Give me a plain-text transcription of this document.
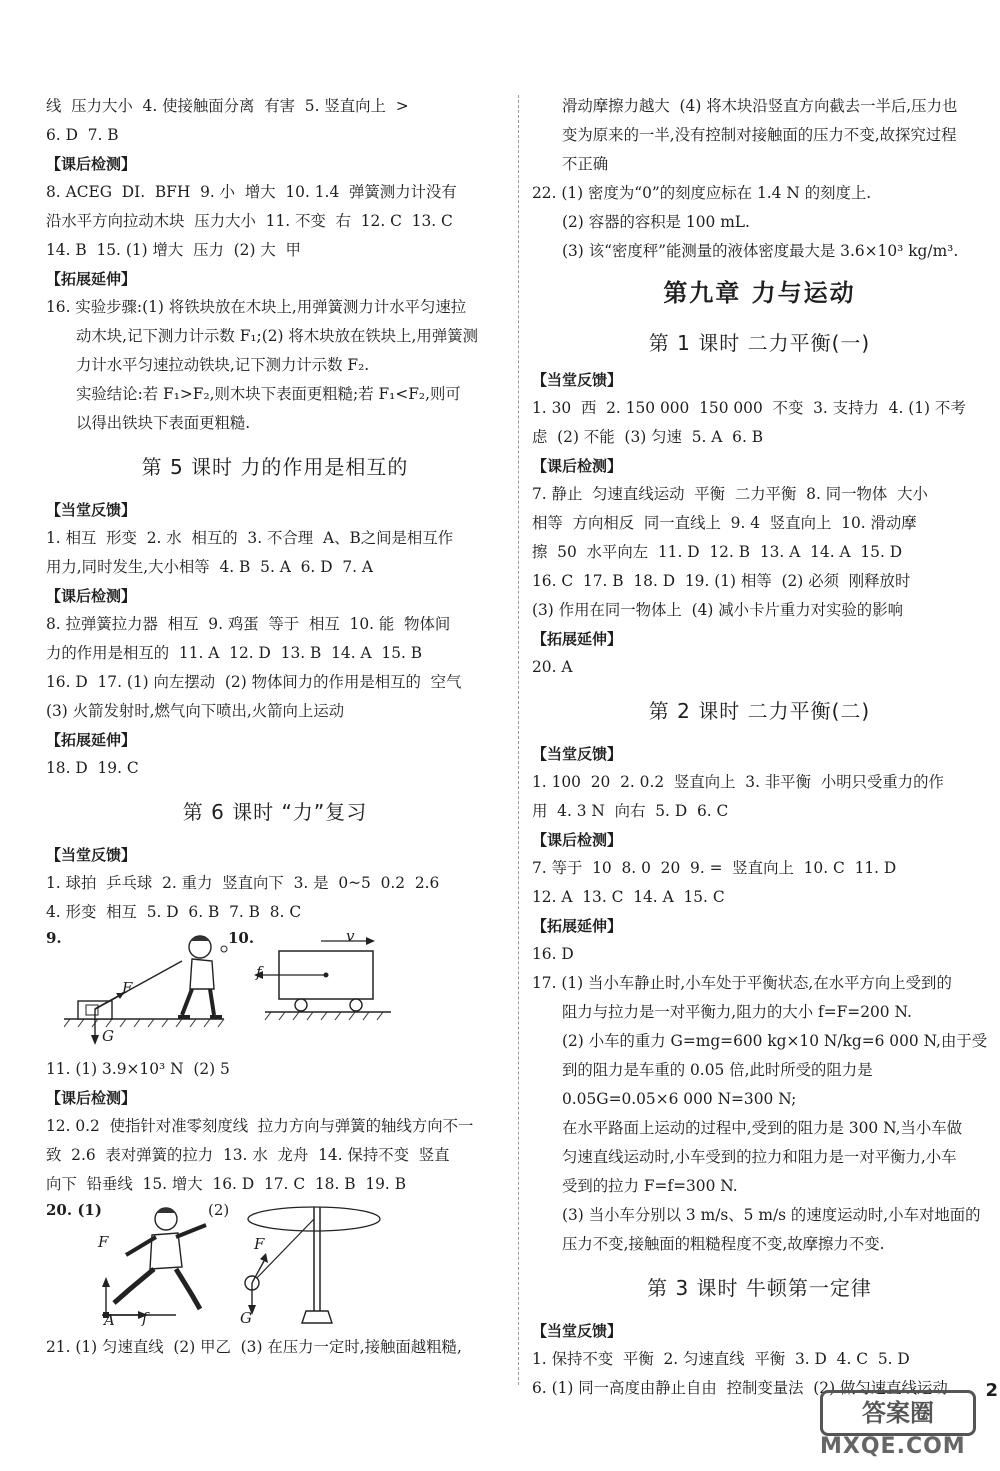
线  压力大小  4. 使接触面分离  有害  5. 竖直向上  >
6. D  7. B
【课后检测】
8. ACEG  DI.  BFH  9. 小  增大  10. 1.4  弹簧测力计没有
沿水平方向拉动木块  压力大小  11. 不变  右  12. C  13. C
14. B  15. (1) 增大  压力  (2) 大  甲
【拓展延伸】
16. 实验步骤:(1) 将铁块放在木块上,用弹簧测力计水平匀速拉
动木块,记下测力计示数 F₁;(2) 将木块放在铁块上,用弹簧测
力计水平匀速拉动铁块,记下测力计示数 F₂.
实验结论:若 F₁>F₂,则木块下表面更粗糙;若 F₁<F₂,则可
以得出铁块下表面更粗糙.
第 5 课时 力的作用是相互的
【当堂反馈】
1. 相互  形变  2. 水  相互的  3. 不合理  A、B之间是相互作
用力,同时发生,大小相等  4. B  5. A  6. D  7. A
【课后检测】
8. 拉弹簧拉力器  相互  9. 鸡蛋  等于  相互  10. 能  物体间
力的作用是相互的  11. A  12. D  13. B  14. A  15. B
16. D  17. (1) 向左摆动  (2) 物体间力的作用是相互的  空气
(3) 火箭发射时,燃气向下喷出,火箭向上运动
【拓展延伸】
18. D  19. C
第 6 课时 “力”复习
【当堂反馈】
1. 球拍  乒乓球  2. 重力  竖直向下  3. 是  0~5  0.2  2.6
4. 形变  相互  5. D  6. B  7. B  8. C
9.
F
G
10.	v
f
11. (1) 3.9×10³ N  (2) 5
【课后检测】
12. 0.2  使指针对准零刻度线  拉力方向与弹簧的轴线方向不一
致  2.6  表对弹簧的拉力  13. 水  龙舟  14. 保持不变  竖直
向下  铅垂线  15. 增大  16. D  17. C  18. B  19. B
20. (1)
F
A f
(2)
F
G
21. (1) 匀速直线  (2) 甲乙  (3) 在压力一定时,接触面越粗糙,
滑动摩擦力越大  (4) 将木块沿竖直方向截去一半后,压力也
变为原来的一半,没有控制对接触面的压力不变,故探究过程
不正确
22. (1) 密度为“0”的刻度应标在 1.4 N 的刻度上.
(2) 容器的容积是 100 mL.
(3) 该“密度秤”能测量的液体密度最大是 3.6×10³ kg/m³.
第九章 力与运动
第 1 课时 二力平衡(一)
【当堂反馈】
1. 30  西  2. 150 000  150 000  不变  3. 支持力  4. (1) 不考
虑  (2) 不能  (3) 匀速  5. A  6. B
【课后检测】
7. 静止  匀速直线运动  平衡  二力平衡  8. 同一物体  大小
相等  方向相反  同一直线上  9. 4  竖直向上  10. 滑动摩
擦  50  水平向左  11. D  12. B  13. A  14. A  15. D
16. C  17. B  18. D  19. (1) 相等  (2) 必须  刚释放时
(3) 作用在同一物体上  (4) 减小卡片重力对实验的影响
【拓展延伸】
20. A
第 2 课时 二力平衡(二)
【当堂反馈】
1. 100  20  2. 0.2  竖直向上  3. 非平衡  小明只受重力的作
用  4. 3 N  向右  5. D  6. C
【课后检测】
7. 等于  10  8. 0  20  9. =  竖直向上  10. C  11. D
12. A  13. C  14. A  15. C
【拓展延伸】
16. D
17. (1) 当小车静止时,小车处于平衡状态,在水平方向上受到的
阻力与拉力是一对平衡力,阻力的大小 f=F=200 N.
(2) 小车的重力 G=mg=600 kg×10 N/kg=6 000 N,由于受
到的阻力是车重的 0.05 倍,此时所受的阻力是
0.05G=0.05×6 000 N=300 N;
在水平路面上运动的过程中,受到的阻力是 300 N,当小车做
匀速直线运动时,小车受到的拉力和阻力是一对平衡力,小车
受到的拉力 F=f=300 N.
(3) 当小车分别以 3 m/s、5 m/s 的速度运动时,小车对地面的
压力不变,接触面的粗糙程度不变,故摩擦力不变.
第 3 课时 牛顿第一定律
【当堂反馈】
1. 保持不变  平衡  2. 匀速直线  平衡  3. D  4. C  5. D
6. (1) 同一高度由静止自由  控制变量法  (2) 做匀速直线运动	2
答案圈
MXQE.COM
